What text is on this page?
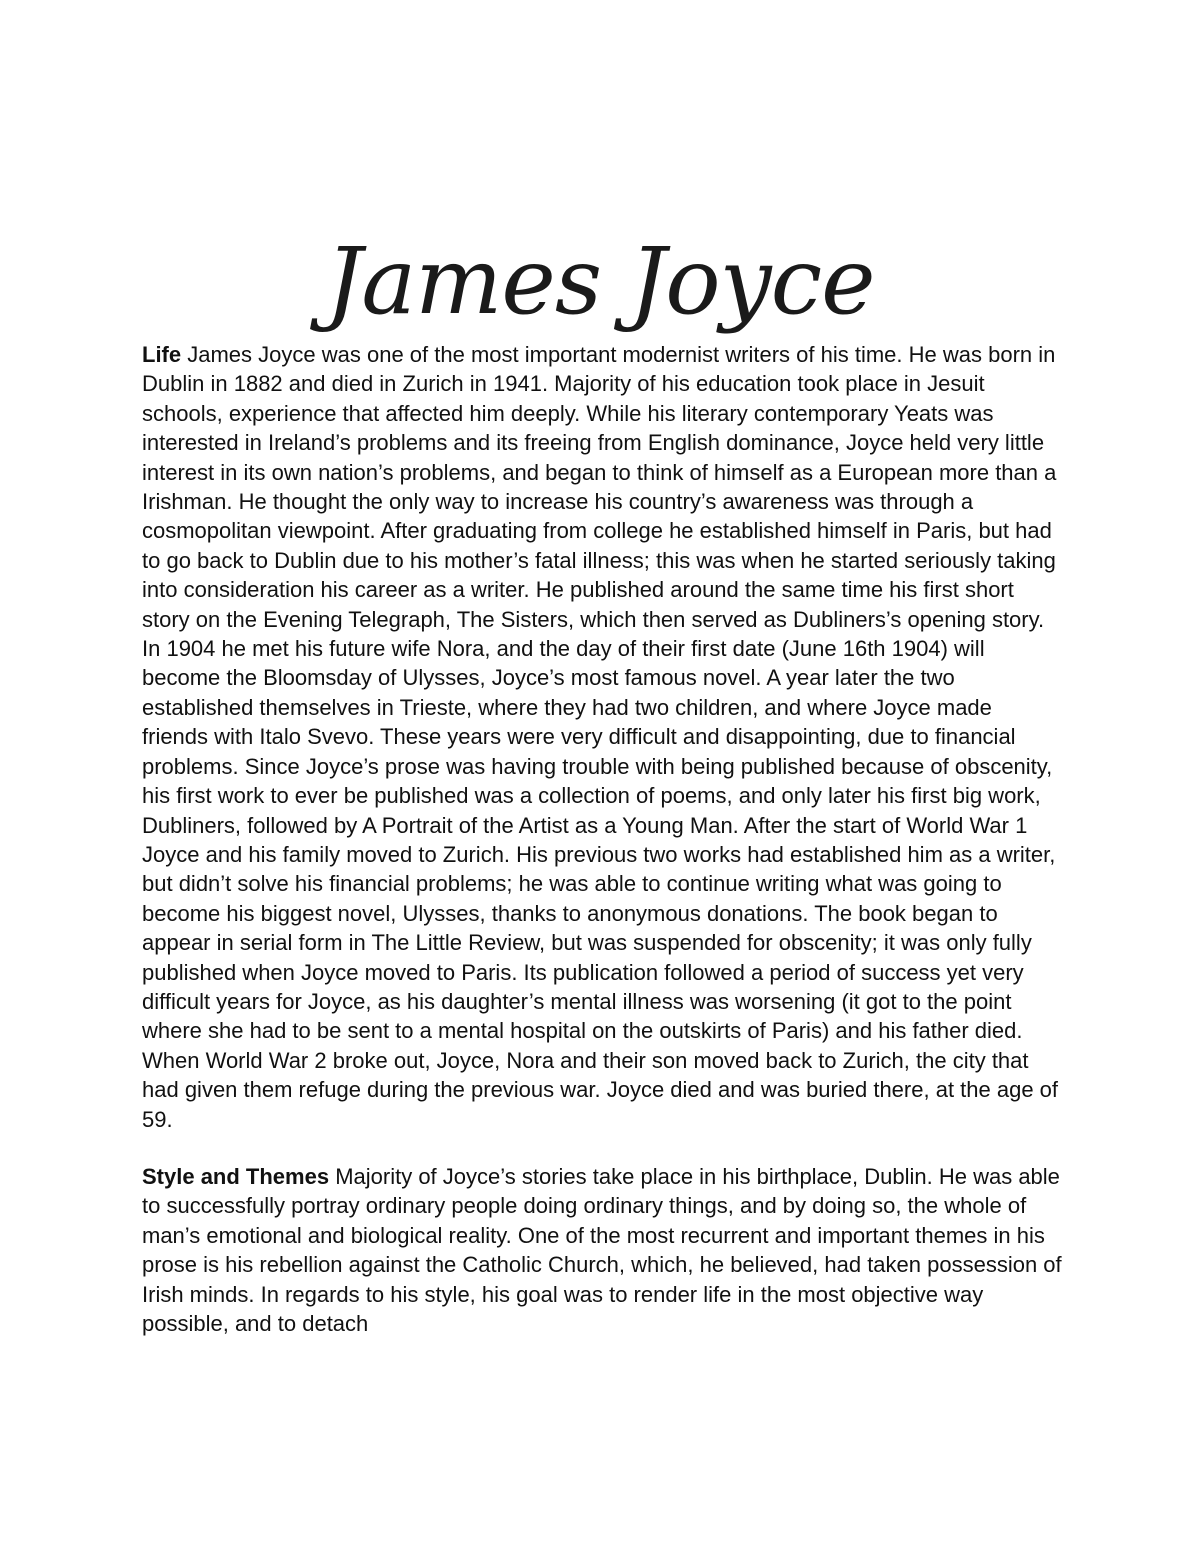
James Joyce

Life James Joyce was one of the most important modernist writers of his time. He was born in Dublin in 1882 and died in Zurich in 1941. Majority of his education took place in Jesuit schools, experience that affected him deeply. While his literary contemporary Yeats was interested in Ireland’s problems and its freeing from English dominance, Joyce held very little interest in its own nation’s problems, and began to think of himself as a European more than a Irishman. He thought the only way to increase his country’s awareness was through a cosmopolitan viewpoint. After graduating from college he established himself in Paris, but had to go back to Dublin due to his mother’s fatal illness; this was when he started seriously taking into consideration his career as a writer. He published around the same time his first short story on the Evening Telegraph, The Sisters, which then served as Dubliners’s opening story. In 1904 he met his future wife Nora, and the day of their first date (June 16th 1904) will become the Bloomsday of Ulysses, Joyce’s most famous novel. A year later the two established themselves in Trieste, where they had two children, and where Joyce made friends with Italo Svevo. These years were very difficult and disappointing, due to financial problems. Since Joyce’s prose was having trouble with being published because of obscenity, his first work to ever be published was a collection of poems, and only later his first big work, Dubliners, followed by A Portrait of the Artist as a Young Man. After the start of World War 1 Joyce and his family moved to Zurich. His previous two works had established him as a writer, but didn’t solve his financial problems; he was able to continue writing what was going to become his biggest novel, Ulysses, thanks to anonymous donations. The book began to appear in serial form in The Little Review, but was suspended for obscenity; it was only fully published when Joyce moved to Paris. Its publication followed a period of success yet very difficult years for Joyce, as his daughter’s mental illness was worsening (it got to the point where she had to be sent to a mental hospital on the outskirts of Paris) and his father died. When World War 2 broke out, Joyce, Nora and their son moved back to Zurich, the city that had given them refuge during the previous war. Joyce died and was buried there, at the age of 59.

Style and Themes Majority of Joyce’s stories take place in his birthplace, Dublin. He was able to successfully portray ordinary people doing ordinary things, and by doing so, the whole of man’s emotional and biological reality. One of the most recurrent and important themes in his prose is his rebellion against the Catholic Church, which, he believed, had taken possession of Irish minds. In regards to his style, his goal was to render life in the most objective way possible, and to detach
